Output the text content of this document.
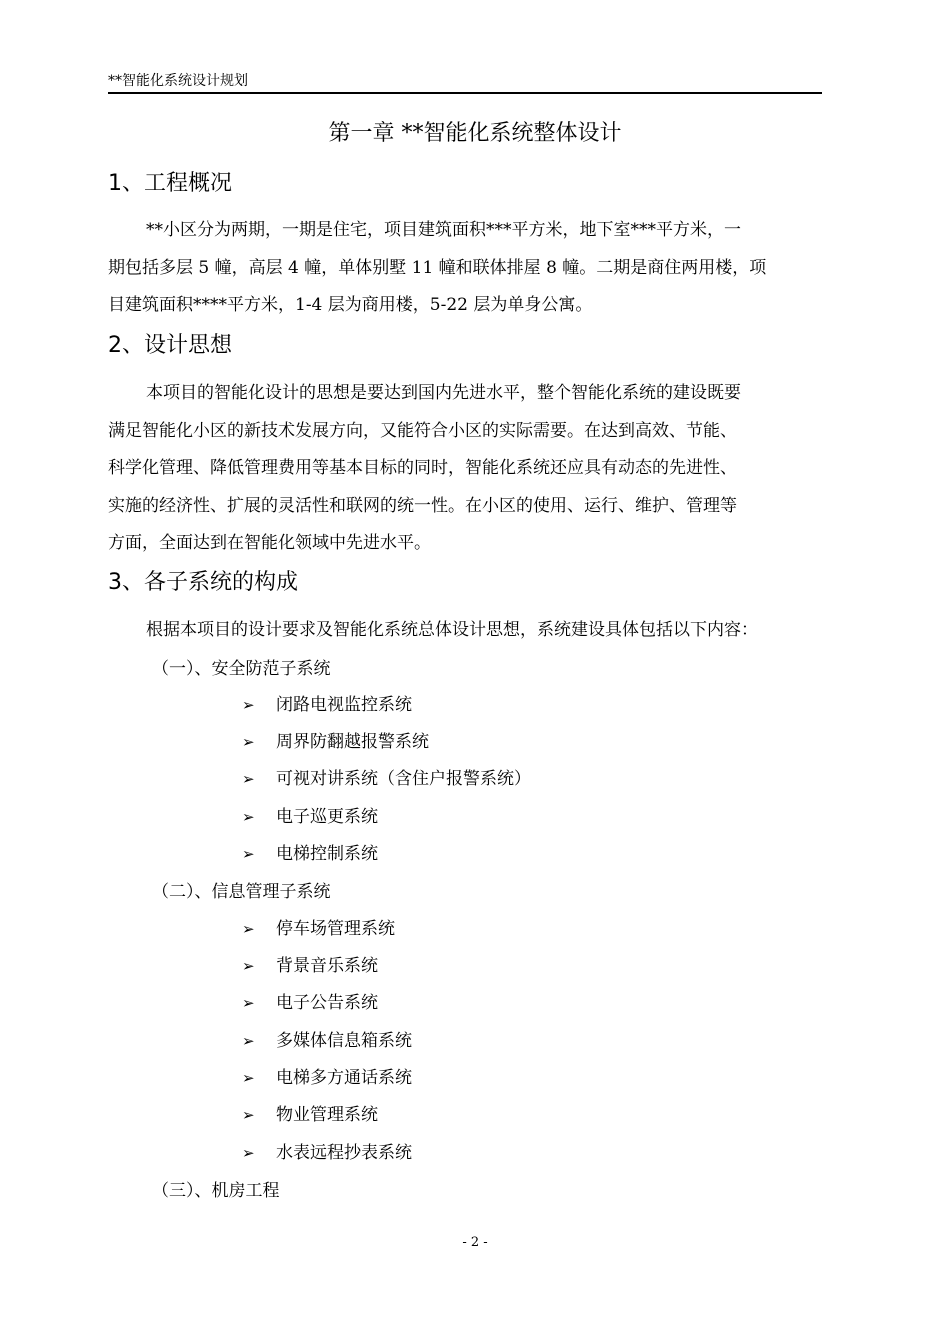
**智能化系统设计规划
第一章 **智能化系统整体设计
1、工程概况
**小区分为两期，一期是住宅，项目建筑面积***平方米，地下室***平方米，一
期包括多层 5 幢，高层 4 幢，单体别墅 11 幢和联体排屋 8 幢。二期是商住两用楼，项
目建筑面积****平方米，1-4 层为商用楼，5-22 层为单身公寓。
2、设计思想
本项目的智能化设计的思想是要达到国内先进水平，整个智能化系统的建设既要
满足智能化小区的新技术发展方向，又能符合小区的实际需要。在达到高效、节能、
科学化管理、降低管理费用等基本目标的同时，智能化系统还应具有动态的先进性、
实施的经济性、扩展的灵活性和联网的统一性。在小区的使用、运行、维护、管理等
方面，全面达到在智能化领域中先进水平。
3、各子系统的构成
根据本项目的设计要求及智能化系统总体设计思想，系统建设具体包括以下内容：
（一）、安全防范子系统
➢ 闭路电视监控系统
➢ 周界防翻越报警系统
➢ 可视对讲系统（含住户报警系统）
➢ 电子巡更系统
➢ 电梯控制系统
（二）、信息管理子系统
➢ 停车场管理系统
➢ 背景音乐系统
➢ 电子公告系统
➢ 多媒体信息箱系统
➢ 电梯多方通话系统
➢ 物业管理系统
➢ 水表远程抄表系统
（三）、机房工程
- 2 -
